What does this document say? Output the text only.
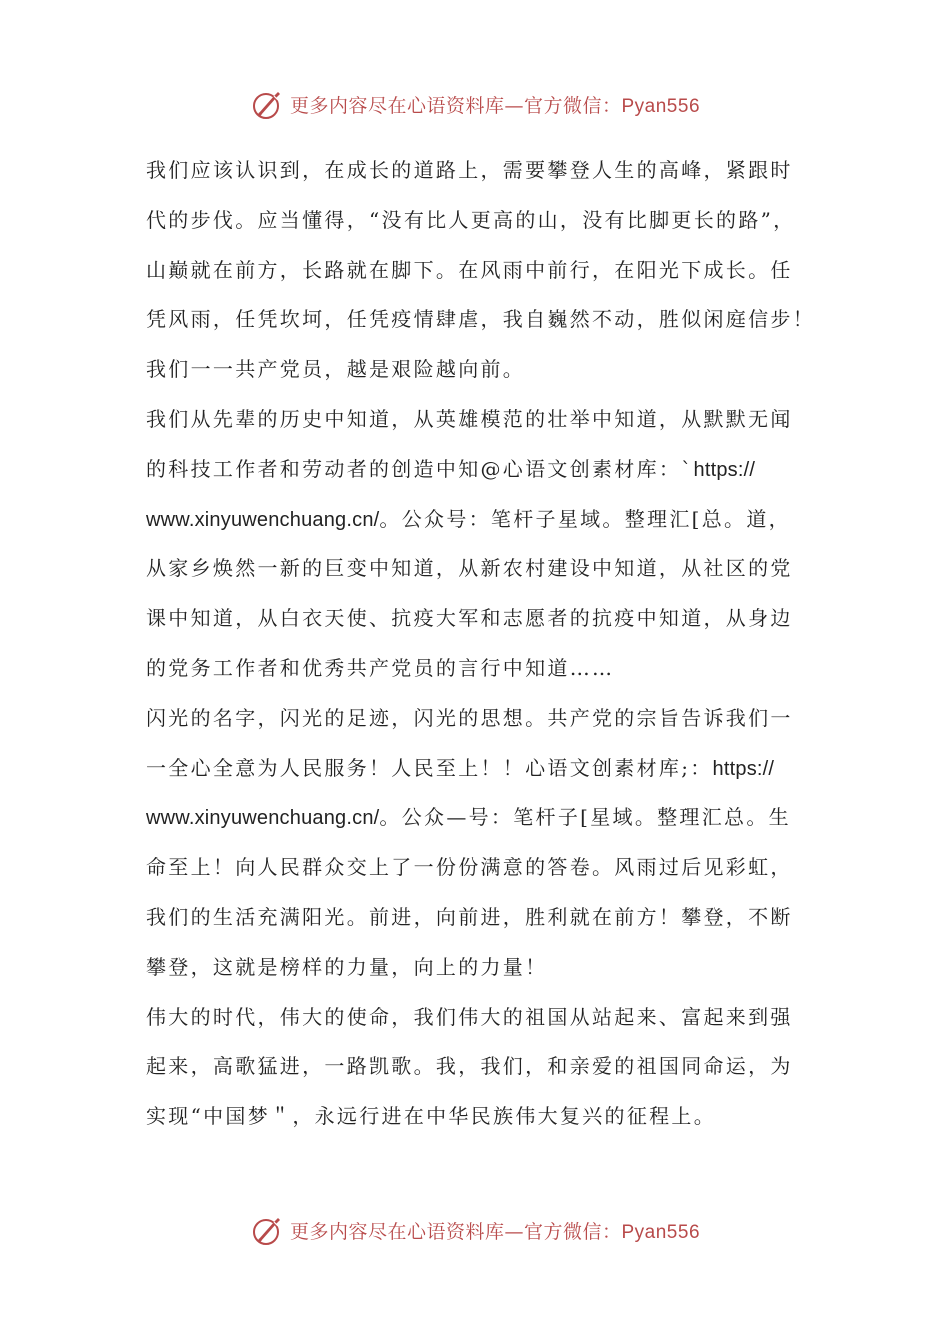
更多内容尽在心语资料库—官方微信：Pyan556
我们应该认识到，在成长的道路上，需要攀登人生的高峰，紧跟时
代的步伐。应当懂得，“没有比人更高的山，没有比脚更长的路”，
山巅就在前方，长路就在脚下。在风雨中前行，在阳光下成长。任
凭风雨，任凭坎坷，任凭疫情肆虐，我自巍然不动，胜似闲庭信步！
我们一一共产党员，越是艰险越向前。
我们从先辈的历史中知道，从英雄模范的壮举中知道，从默默无闻
的科技工作者和劳动者的创造中知@心语文创素材库：`https://
www.xinyuwenchuang.cn/。公众号：笔杆子星域。整理汇[总。道，
从家乡焕然一新的巨变中知道，从新农村建设中知道，从社区的党
课中知道，从白衣天使、抗疫大军和志愿者的抗疫中知道，从身边
的党务工作者和优秀共产党员的言行中知道……
闪光的名字，闪光的足迹，闪光的思想。共产党的宗旨告诉我们一
一全心全意为人民服务！人民至上！！心语文创素材库;：https://
www.xinyuwenchuang.cn/。公众—号：笔杆子[星域。整理汇总。生
命至上！向人民群众交上了一份份满意的答卷。风雨过后见彩虹，
我们的生活充满阳光。前进，向前进，胜利就在前方！攀登，不断
攀登，这就是榜样的力量，向上的力量！
伟大的时代，伟大的使命，我们伟大的祖国从站起来、富起来到强
起来，高歌猛进，一路凯歌。我，我们，和亲爱的祖国同命运，为
实现“中国梦＂，永远行进在中华民族伟大复兴的征程上。
更多内容尽在心语资料库—官方微信：Pyan556
